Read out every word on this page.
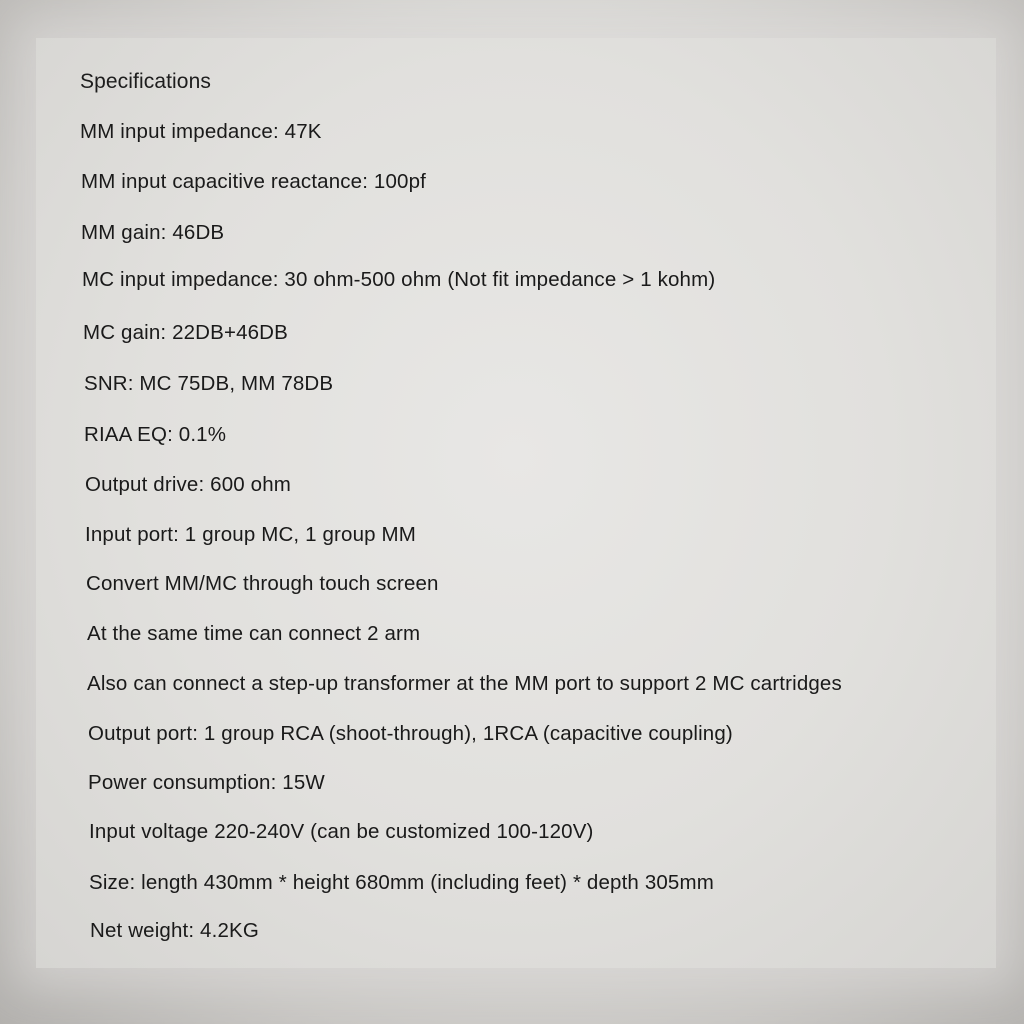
Specifications
MM input impedance: 47K
MM input capacitive reactance: 100pf
MM gain: 46DB
MC input impedance: 30 ohm-500 ohm (Not fit impedance > 1 kohm)
MC gain: 22DB+46DB
SNR: MC 75DB, MM 78DB
RIAA EQ: 0.1%
Output drive: 600 ohm
Input port: 1 group MC, 1 group MM
Convert MM/MC through touch screen
At the same time can connect 2 arm
Also can connect a step-up transformer at the MM port to support 2 MC cartridges
Output port: 1 group RCA (shoot-through), 1RCA (capacitive coupling)
Power consumption: 15W
Input voltage 220-240V (can be customized 100-120V)
Size: length 430mm * height 680mm (including feet) * depth 305mm
Net weight: 4.2KG
